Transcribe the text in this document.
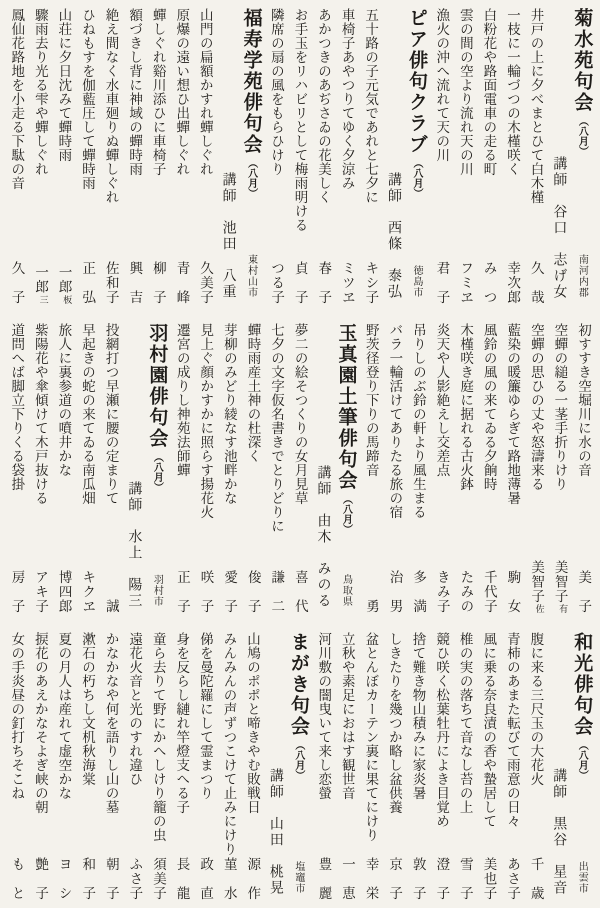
菊水苑句会
︵八月︶
南河内郡
講師
谷口　志げ女
井戸の上に夕べまとひて白木槿
久　哉
一枝に一輪づつの木槿咲く
幸次郎
白粉花や路面電車の走る町
み　つ
雲の間の空より流れ天の川
フミヱ
漁火の沖へ流れて天の川
君　子
ピア俳句クラブ
︵八月︶
徳島市
講師
西條　泰弘
五十路の子元気であれと七夕に
キシ子
車椅子あやつりてゆく夕涼み
ミツヱ
あかつきのあぢさゐの花美しく
春　子
お手玉をリハビリとして梅雨明ける
貞　子
隣席の扇の風をもらひけり
つる子
福寿学苑俳句会
︵八月︶
東村山市
講師
池田　八重
山門の扁額かすれ蟬しぐれ
久美子
原爆の遠い想ひ出蟬しぐれ
青　峰
蟬しぐれ谿川添ひに車椅子
柳　子
額づきし背に神域の蟬時雨
興　吉
絶え間なく水車廻りぬ蟬しぐれ
佐和子
ひねもすを伽藍圧して蟬時雨
正　弘
山荘に夕日沈みて蟬時雨
一郎
板
驟雨去り光る雫や蟬しぐれ
一郎
三
鳳仙花路地を小走る下駄の音
久　子
初すすき空堀川に水の音
美　子
空蟬の縋る一茎手折りけり
美智子
有
空蟬の思ひの丈や怒濤来る
美智子
佐
藍染の暖簾ゆらぎて路地薄暑
駒　女
風鈴の風の来てゐる夕餉時
千代子
木槿咲き庭に据れる古火鉢
たみの
炎天や人影絶えし交差点
きみ子
吊りしのぶ鈴の軒より風生まる
多　満
バラ一輪活けてありたる旅の宿
治　男
野茨径登り下りの馬蹄音
勇
玉真園土筆俳句会
︵八月︶
鳥取県
講師
由木　みのる
夢二の絵そつくりの女月見草
喜　代
七夕の文字仮名書きでとりどりに
謙　二
蟬時雨産土神の杜深く
俊　子
芽柳のみどり綾なす池畔かな
愛　子
見上ぐ顔かすかに照らす揚花火
咲　子
遷宮の成りし神苑法師蟬
正　子
羽村園俳句会
︵八月︶
羽村市
講師
水上　陽三
投網打つ早瀬に腰の定まりて
誠
早起きの蛇の来てゐる南瓜畑
キクヱ
旅人に裏参道の噴井かな
博四郎
紫陽花や傘傾けて木戸抜ける
アキ子
道問へば脚立下りくる袋掛
房　子
和光俳句会
︵八月︶
出雲市
講師
黒谷　星音
腹に来る三尺玉の大花火
千　歳
青柿のあまた転びて雨意の日々
あさ子
風に乗る奈良漬の香や蟄居して
美也子
椎の実の落ちて音なし苔の上
雪　子
競ひ咲く松葉牡丹によき目覚め
澄　子
捨て難き物山積みに家炎暑
敦　子
しきたりを幾つか略し盆供養
京　子
盆とんぼカーテン裏に果てにけり
幸　栄
立秋や素足におはす観世音
一　恵
河川敷の闇曳いて来し恋螢
豊　麗
まがき句会
︵八月︶
塩竈市
講師
山田　桃晃
山鳩のポポと啼きやむ敗戦日
源　作
みんみんの声ずつこけて止みにけり
菫　水
俤を曼陀羅にして霊まつり
政　直
身を反らし縺れ竿燈支へる子
長　龍
童ら去りて野にかへしけり籠の虫
須美子
遠花火音と光のすれ違ひ
ふさ子
かなかなや何を語りし山の墓
朝　子
漱石の朽ちし文机秋海棠
和　子
夏の月人は産れて虚空かな
ヨ　シ
捩花のあえかなそよぎ峡の朝
艶　子
女の手炎昼の釘打ちそこね
も　と
